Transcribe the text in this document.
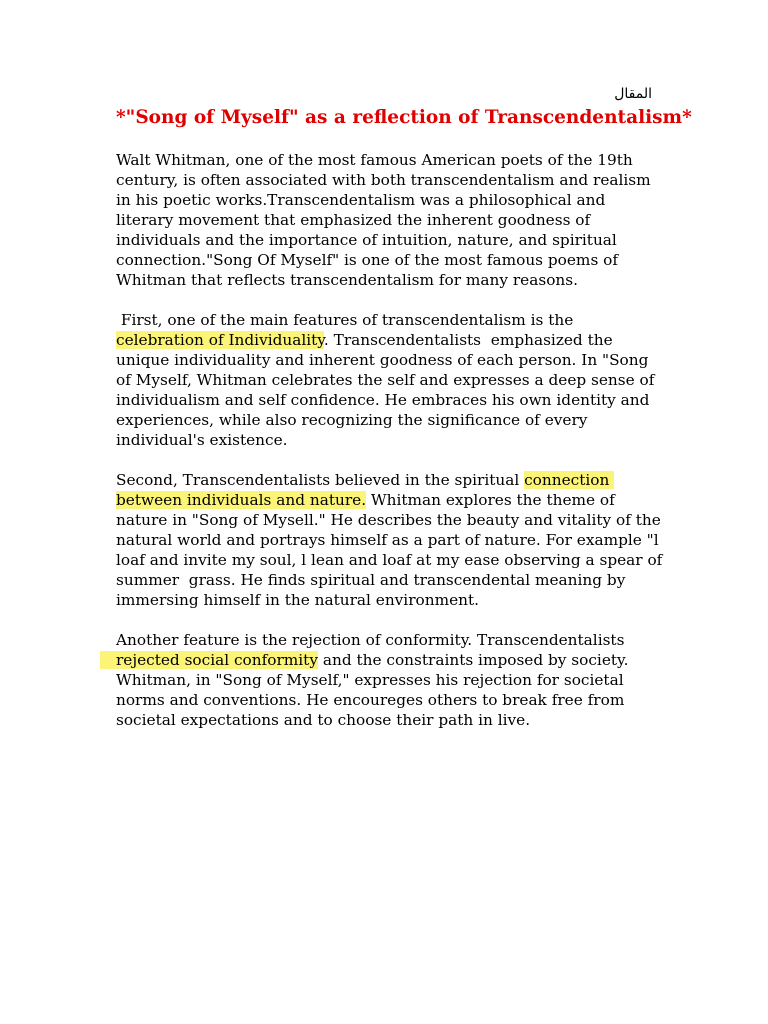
المقال
*"Song of Myself" as a reflection of Transcendentalism*

Walt Whitman, one of the most famous American poets of the 19th
century, is often associated with both transcendentalism and realism
in his poetic works.Transcendentalism was a philosophical and
literary movement that emphasized the inherent goodness of
individuals and the importance of intuition, nature, and spiritual
connection."Song Of Myself" is one of the most famous poems of
Whitman that reflects transcendentalism for many reasons.

First, one of the main features of transcendentalism is the
celebration of Individuality. Transcendentalists  emphasized the
unique individuality and inherent goodness of each person. In "Song
of Myself, Whitman celebrates the self and expresses a deep sense of
individualism and self confidence. He embraces his own identity and
experiences, while also recognizing the significance of every
individual's existence.

Second, Transcendentalists believed in the spiritual connection
between individuals and nature. Whitman explores the theme of
nature in "Song of Mysell." He describes the beauty and vitality of the
natural world and portrays himself as a part of nature. For example "l
loaf and invite my soul, l lean and loaf at my ease observing a spear of
summer  grass. He finds spiritual and transcendental meaning by
immersing himself in the natural environment.

Another feature is the rejection of conformity. Transcendentalists
rejected social conformity and the constraints imposed by society.
Whitman, in "Song of Myself," expresses his rejection for societal
norms and conventions. He encoureges others to break free from
societal expectations and to choose their path in live.
